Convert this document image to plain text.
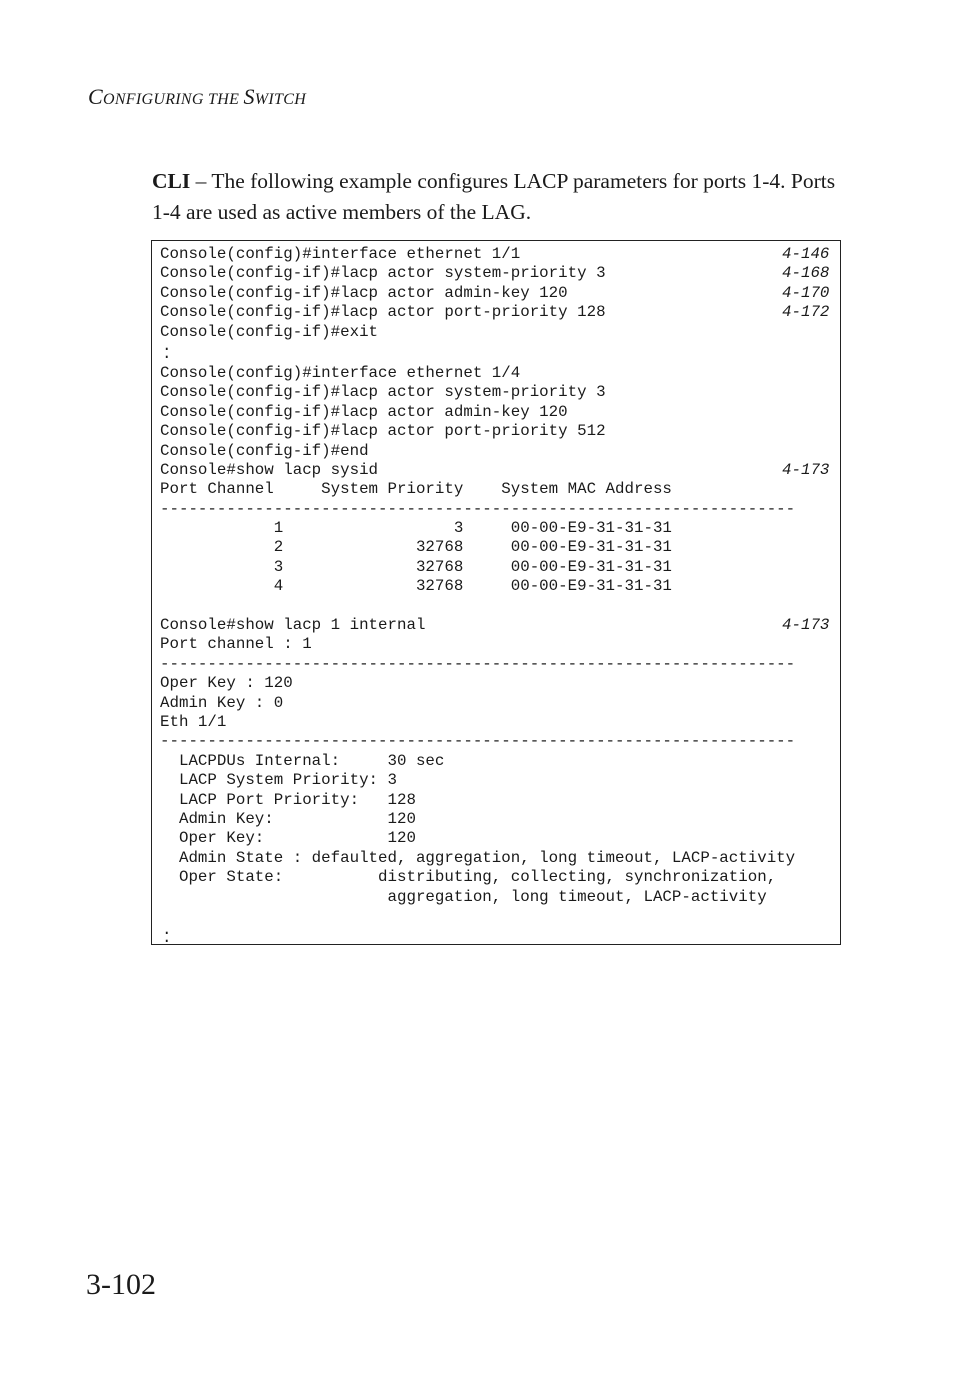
CONFIGURING THE SWITCH
CLI – The following example configures LACP parameters for ports 1-4. Ports 1-4 are used as active members of the LAG.
Console(config)#interface ethernet 1/1	4-146
Console(config-if)#lacp actor system-priority 3	4-168
Console(config-if)#lacp actor admin-key 120	4-170
Console(config-if)#lacp actor port-priority 128	4-172
Console(config-if)#exit
.
.
Console(config)#interface ethernet 1/4
Console(config-if)#lacp actor system-priority 3
Console(config-if)#lacp actor admin-key 120
Console(config-if)#lacp actor port-priority 512
Console(config-if)#end
Console#show lacp sysid	4-173
Port Channel     System Priority    System MAC Address
-------------------------------------------------------------------
1                  3     00-00-E9-31-31-31
2              32768     00-00-E9-31-31-31
3              32768     00-00-E9-31-31-31
4              32768     00-00-E9-31-31-31
Console#show lacp 1 internal	4-173
Port channel : 1
-------------------------------------------------------------------
Oper Key : 120
Admin Key : 0
Eth 1/1
-------------------------------------------------------------------
LACPDUs Internal:     30 sec
LACP System Priority: 3
LACP Port Priority:   128
Admin Key:            120
Oper Key:             120
Admin State : defaulted, aggregation, long timeout, LACP-activity
Oper State:          distributing, collecting, synchronization,
aggregation, long timeout, LACP-activity
.
.
3-102
